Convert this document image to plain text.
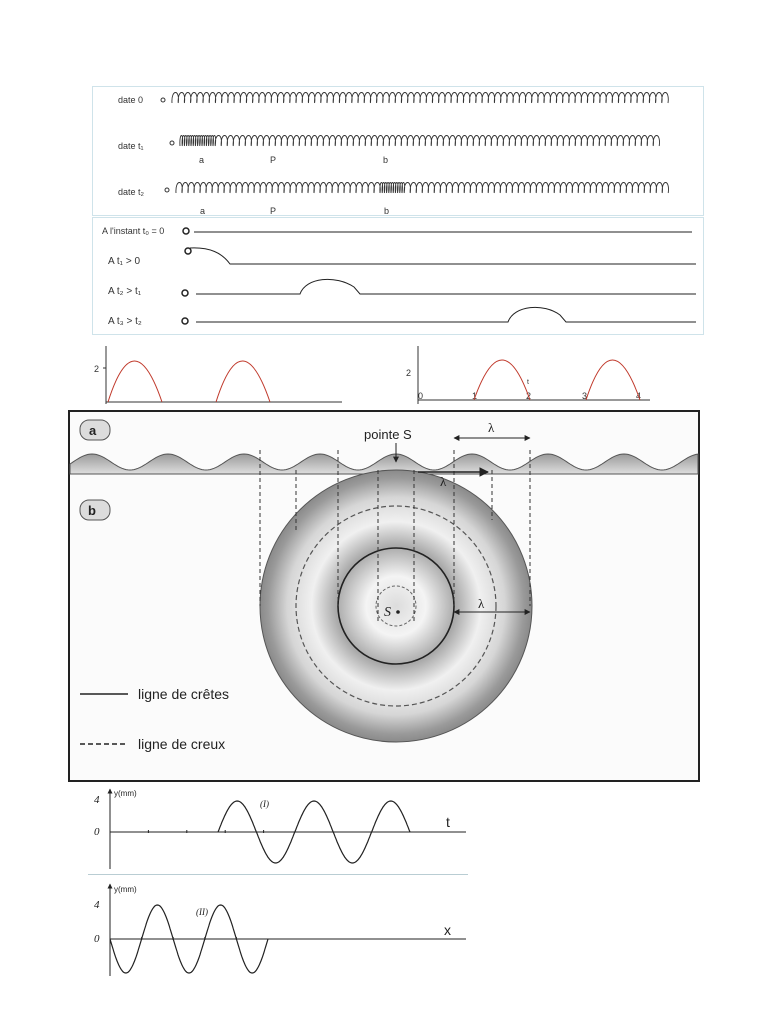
date 0
date t₁
date t₂
a	P	b
a	P	b
A l'instant t₀ = 0
A t₁ > 0
A t₂ > t₁
A t₃ > t₂
2	2
0	1	2	3	4
t
a
b
S
pointe S	λ
λ
λ
ligne de crêtes
ligne de creux
y(mm)
4
0
t
(I)
y(mm)
4
0
x
(II)
